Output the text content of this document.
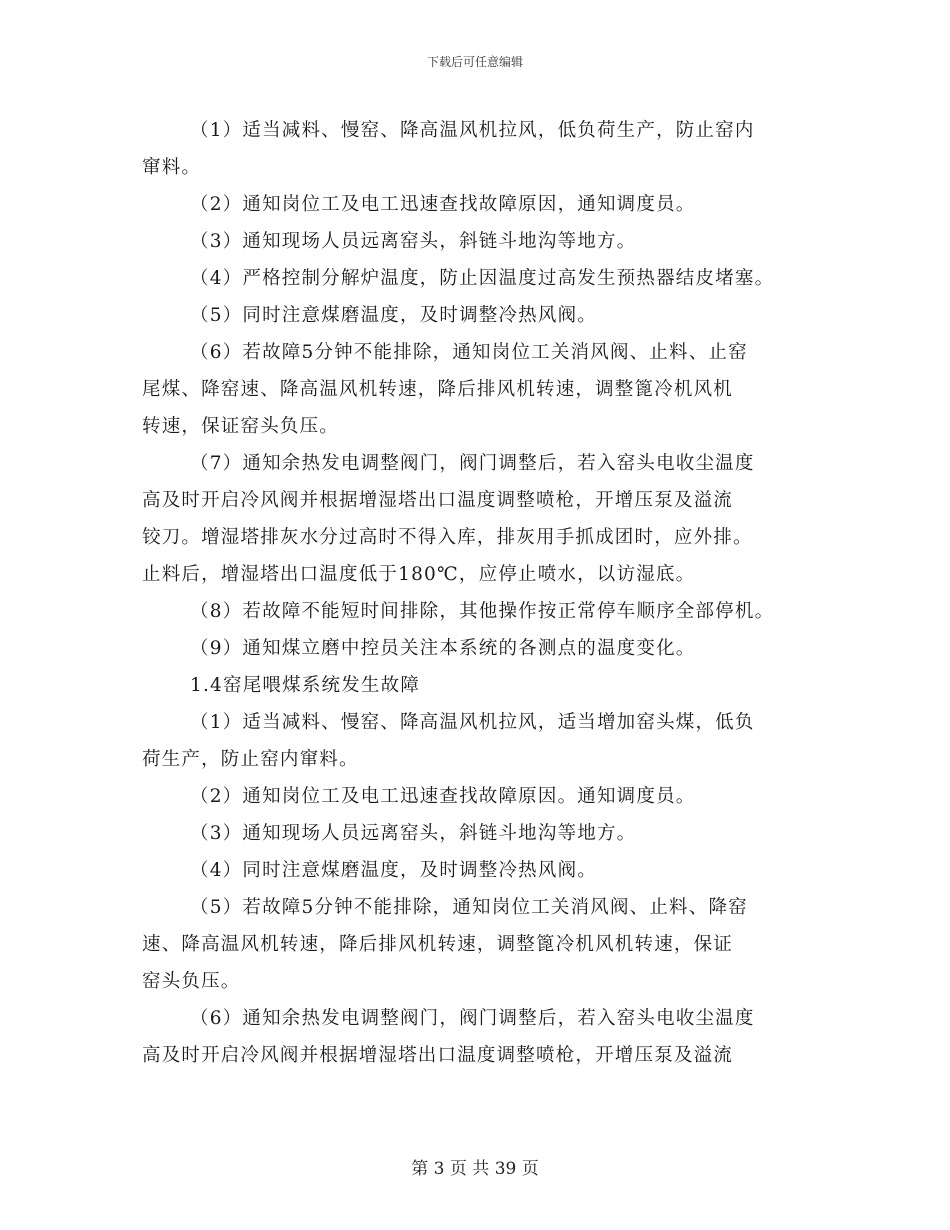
下载后可任意编辑
（1）适当减料、慢窑、降高温风机拉风，低负荷生产，防止窑内
窜料。
（2）通知岗位工及电工迅速查找故障原因，通知调度员。
（3）通知现场人员远离窑头，斜链斗地沟等地方。
（4）严格控制分解炉温度，防止因温度过高发生预热器结皮堵塞。
（5）同时注意煤磨温度，及时调整冷热风阀。
（6）若故障5分钟不能排除，通知岗位工关消风阀、止料、止窑
尾煤、降窑速、降高温风机转速，降后排风机转速，调整篦冷机风机
转速，保证窑头负压。
（7）通知余热发电调整阀门，阀门调整后，若入窑头电收尘温度
高及时开启冷风阀并根据增湿塔出口温度调整喷枪，开增压泵及溢流
铰刀。增湿塔排灰水分过高时不得入库，排灰用手抓成团时，应外排。
止料后，增湿塔出口温度低于180℃，应停止喷水，以访湿底。
（8）若故障不能短时间排除，其他操作按正常停车顺序全部停机。
（9）通知煤立磨中控员关注本系统的各测点的温度变化。
1.4窑尾喂煤系统发生故障
（1）适当减料、慢窑、降高温风机拉风，适当增加窑头煤，低负
荷生产，防止窑内窜料。
（2）通知岗位工及电工迅速查找故障原因。通知调度员。
（3）通知现场人员远离窑头，斜链斗地沟等地方。
（4）同时注意煤磨温度，及时调整冷热风阀。
（5）若故障5分钟不能排除，通知岗位工关消风阀、止料、降窑
速、降高温风机转速，降后排风机转速，调整篦冷机风机转速，保证
窑头负压。
（6）通知余热发电调整阀门，阀门调整后，若入窑头电收尘温度
高及时开启冷风阀并根据增湿塔出口温度调整喷枪，开增压泵及溢流
第 3 页 共 39 页
